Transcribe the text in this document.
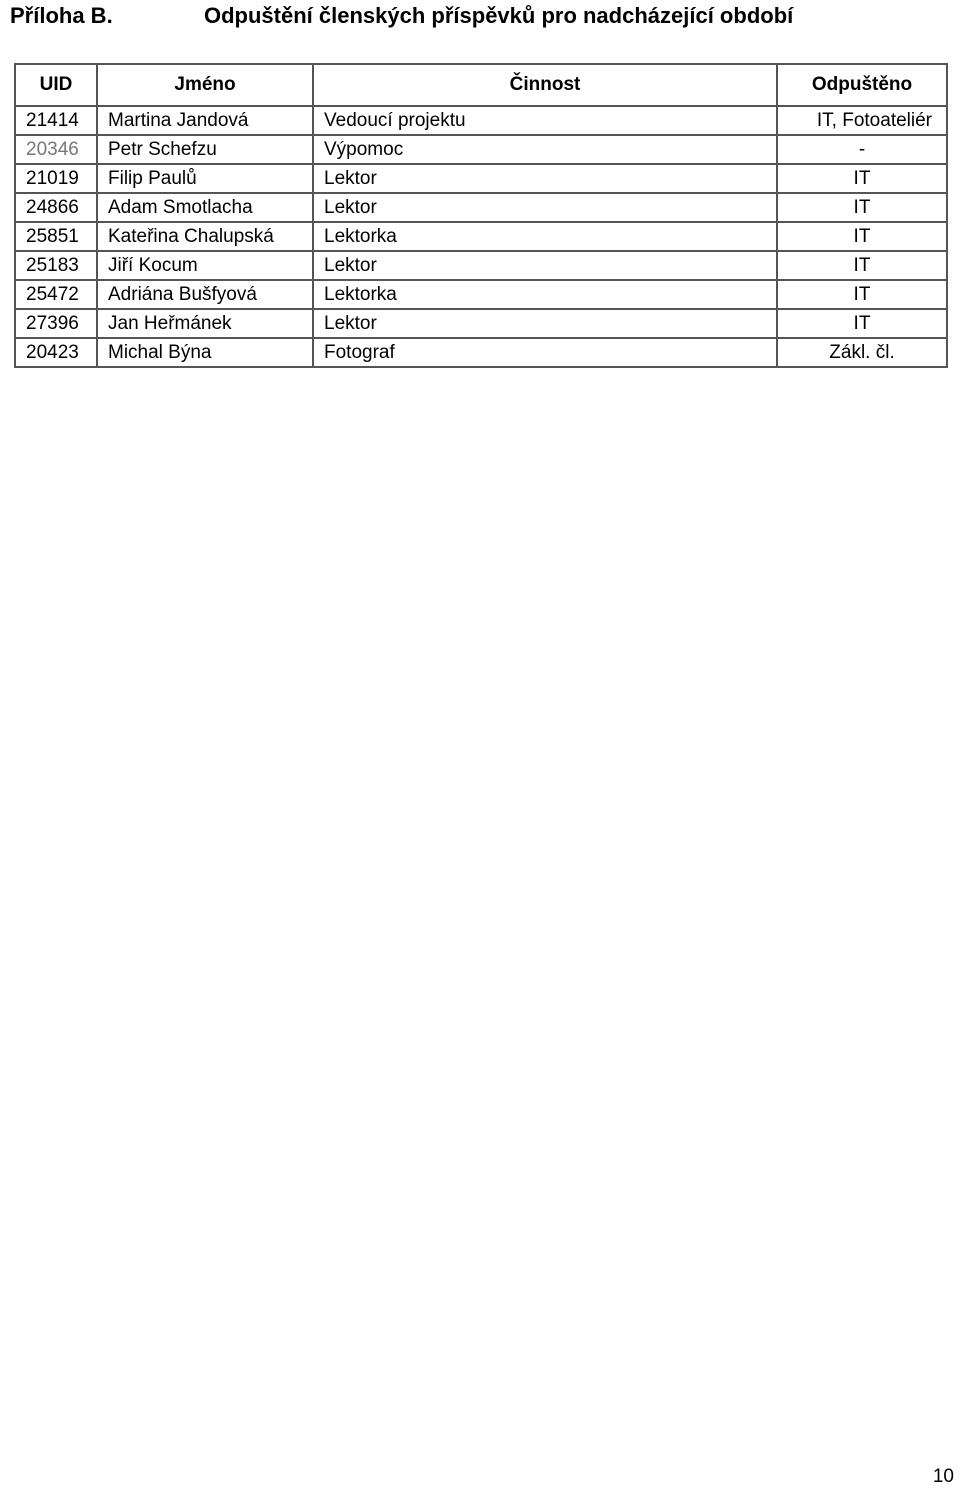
Příloha B.	Odpuštění členských příspěvků pro nadcházející období
UID	Jméno	Činnost	Odpuštěno
21414	Martina Jandová	Vedoucí projektu	IT, Fotoateliér
20346	Petr Schefzu	Výpomoc	-
21019	Filip Paulů	Lektor	IT
24866	Adam Smotlacha	Lektor	IT
25851	Kateřina Chalupská	Lektorka	IT
25183	Jiří Kocum	Lektor	IT
25472	Adriána Bušfyová	Lektorka	IT
27396	Jan Heřmánek	Lektor	IT
20423	Michal Býna	Fotograf	Zákl. čl.
10
